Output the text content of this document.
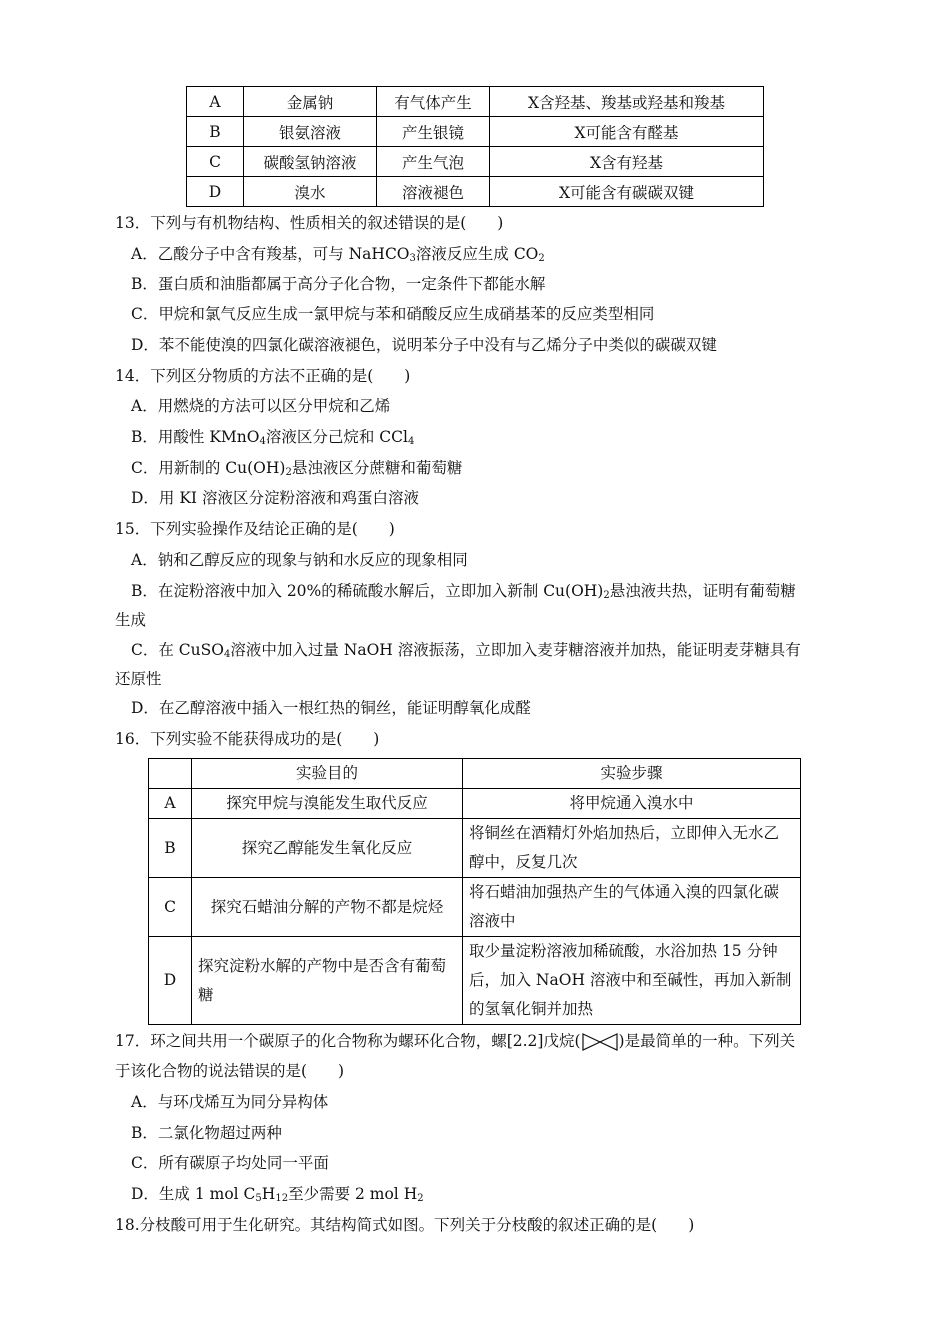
A	金属钠	有气体产生	X含羟基、羧基或羟基和羧基
B	银氨溶液	产生银镜	X可能含有醛基
C	碳酸氢钠溶液	产生气泡	X含有羟基
D	溴水	溶液褪色	X可能含有碳碳双键
13．下列与有机物结构、性质相关的叙述错误的是(　　)
A．乙酸分子中含有羧基，可与 NaHCO$_3$溶液反应生成 $CO_2$
B．蛋白质和油脂都属于高分子化合物，一定条件下都能水解
C．甲烷和氯气反应生成一氯甲烷与苯和硝酸反应生成硝基苯的反应类型相同
D．苯不能使溴的四氯化碳溶液褪色，说明苯分子中没有与乙烯分子中类似的碳碳双键
14．下列区分物质的方法不正确的是(　　)
A．用燃烧的方法可以区分甲烷和乙烯
B．用酸性 KMnO$_4$溶液区分己烷和 CCl$_4$
C．用新制的 $Cu(OH)_2$悬浊液区分蔗糖和葡萄糖
D．用 KI 溶液区分淀粉溶液和鸡蛋白溶液
15．下列实验操作及结论正确的是(　　)
A．钠和乙醇反应的现象与钠和水反应的现象相同
B．在淀粉溶液中加入 20%的稀硫酸水解后，立即加入新制 $Cu(OH)_2$悬浊液共热，证明有葡萄糖
生成
C．在 CuSO$_4$溶液中加入过量 NaOH 溶液振荡，立即加入麦芽糖溶液并加热，能证明麦芽糖具有
还原性
D．在乙醇溶液中插入一根红热的铜丝，能证明醇氧化成醛
16．下列实验不能获得成功的是(　　)
	实验目的	实验步骤
A	探究甲烷与溴能发生取代反应	将甲烷通入溴水中
B	探究乙醇能发生氧化反应	将铜丝在酒精灯外焰加热后，立即伸入无水乙醇中，反复几次
C	探究石蜡油分解的产物不都是烷烃	将石蜡油加强热产生的气体通入溴的四氯化碳溶液中
D	探究淀粉水解的产物中是否含有葡萄糖	取少量淀粉溶液加稀硫酸，水浴加热 15 分钟后，加入 NaOH 溶液中和至碱性，再加入新制的氢氧化铜并加热
17．环之间共用一个碳原子的化合物称为螺环化合物，螺[2.2]戊烷( )是最简单的一种。下列关
于该化合物的说法错误的是(　　)
A．与环戊烯互为同分异构体
B．二氯化物超过两种
C．所有碳原子均处同一平面
D．生成 1 mol $C_5H_{12}$至少需要 2 mol $H_2$
18.分枝酸可用于生化研究。其结构简式如图。下列关于分枝酸的叙述正确的是(　　)
